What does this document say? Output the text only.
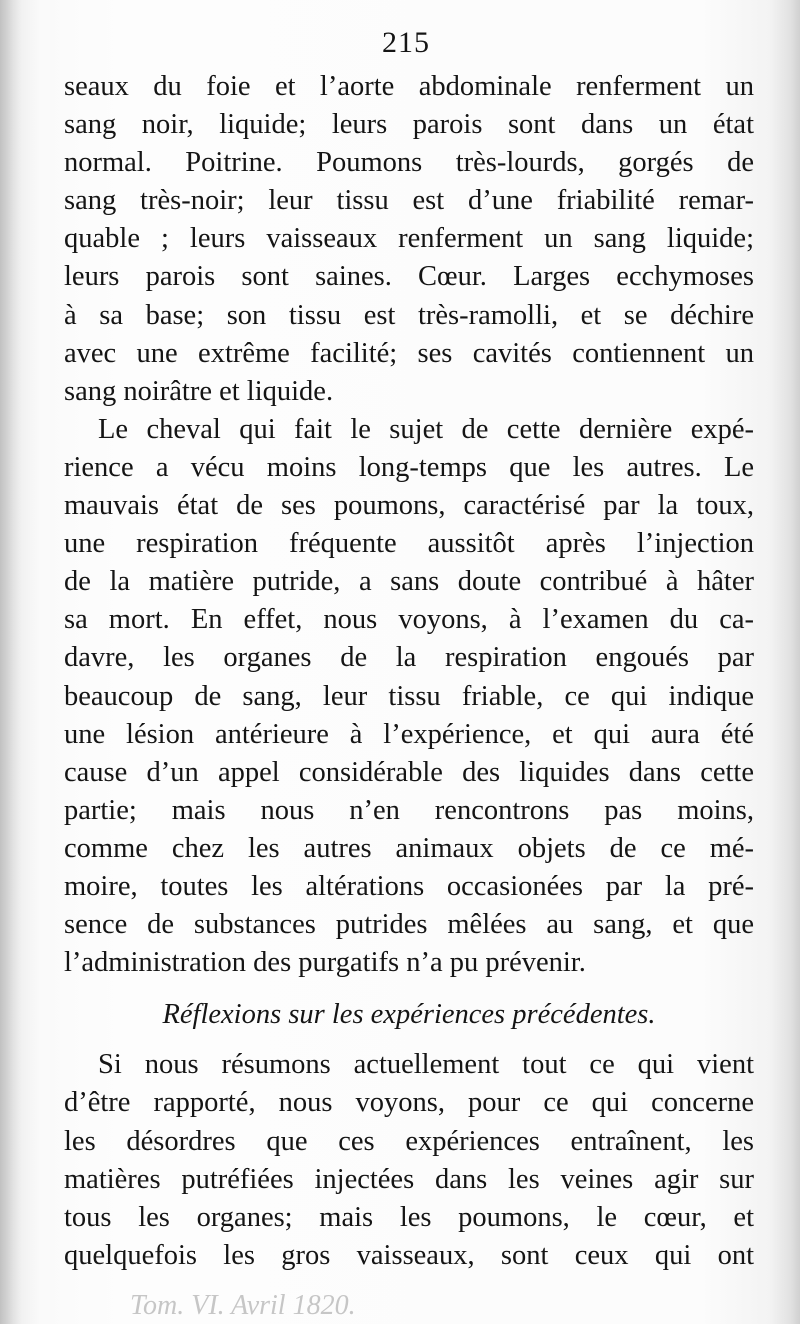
215
seaux du foie et l’aorte abdominale renferment un
sang noir, liquide; leurs parois sont dans un état
normal. Poitrine. Poumons très-lourds, gorgés de
sang très-noir; leur tissu est d’une friabilité remar-
quable ; leurs vaisseaux renferment un sang liquide;
leurs parois sont saines. Cœur. Larges ecchymoses
à sa base; son tissu est très-ramolli, et se déchire
avec une extrême facilité; ses cavités contiennent un
sang noirâtre et liquide.
Le cheval qui fait le sujet de cette dernière expé-
rience a vécu moins long-temps que les autres. Le
mauvais état de ses poumons, caractérisé par la toux,
une respiration fréquente aussitôt après l’injection
de la matière putride, a sans doute contribué à hâter
sa mort. En effet, nous voyons, à l’examen du ca-
davre, les organes de la respiration engoués par
beaucoup de sang, leur tissu friable, ce qui indique
une lésion antérieure à l’expérience, et qui aura été
cause d’un appel considérable des liquides dans cette
partie; mais nous n’en rencontrons pas moins,
comme chez les autres animaux objets de ce mé-
moire, toutes les altérations occasionées par la pré-
sence de substances putrides mêlées au sang, et que
l’administration des purgatifs n’a pu prévenir.
Réflexions sur les expériences précédentes.
Si nous résumons actuellement tout ce qui vient
d’être rapporté, nous voyons, pour ce qui concerne
les désordres que ces expériences entraînent, les
matières putréfiées injectées dans les veines agir sur
tous les organes; mais les poumons, le cœur, et
quelquefois les gros vaisseaux, sont ceux qui ont
Tom. VI. Avril 1820.
